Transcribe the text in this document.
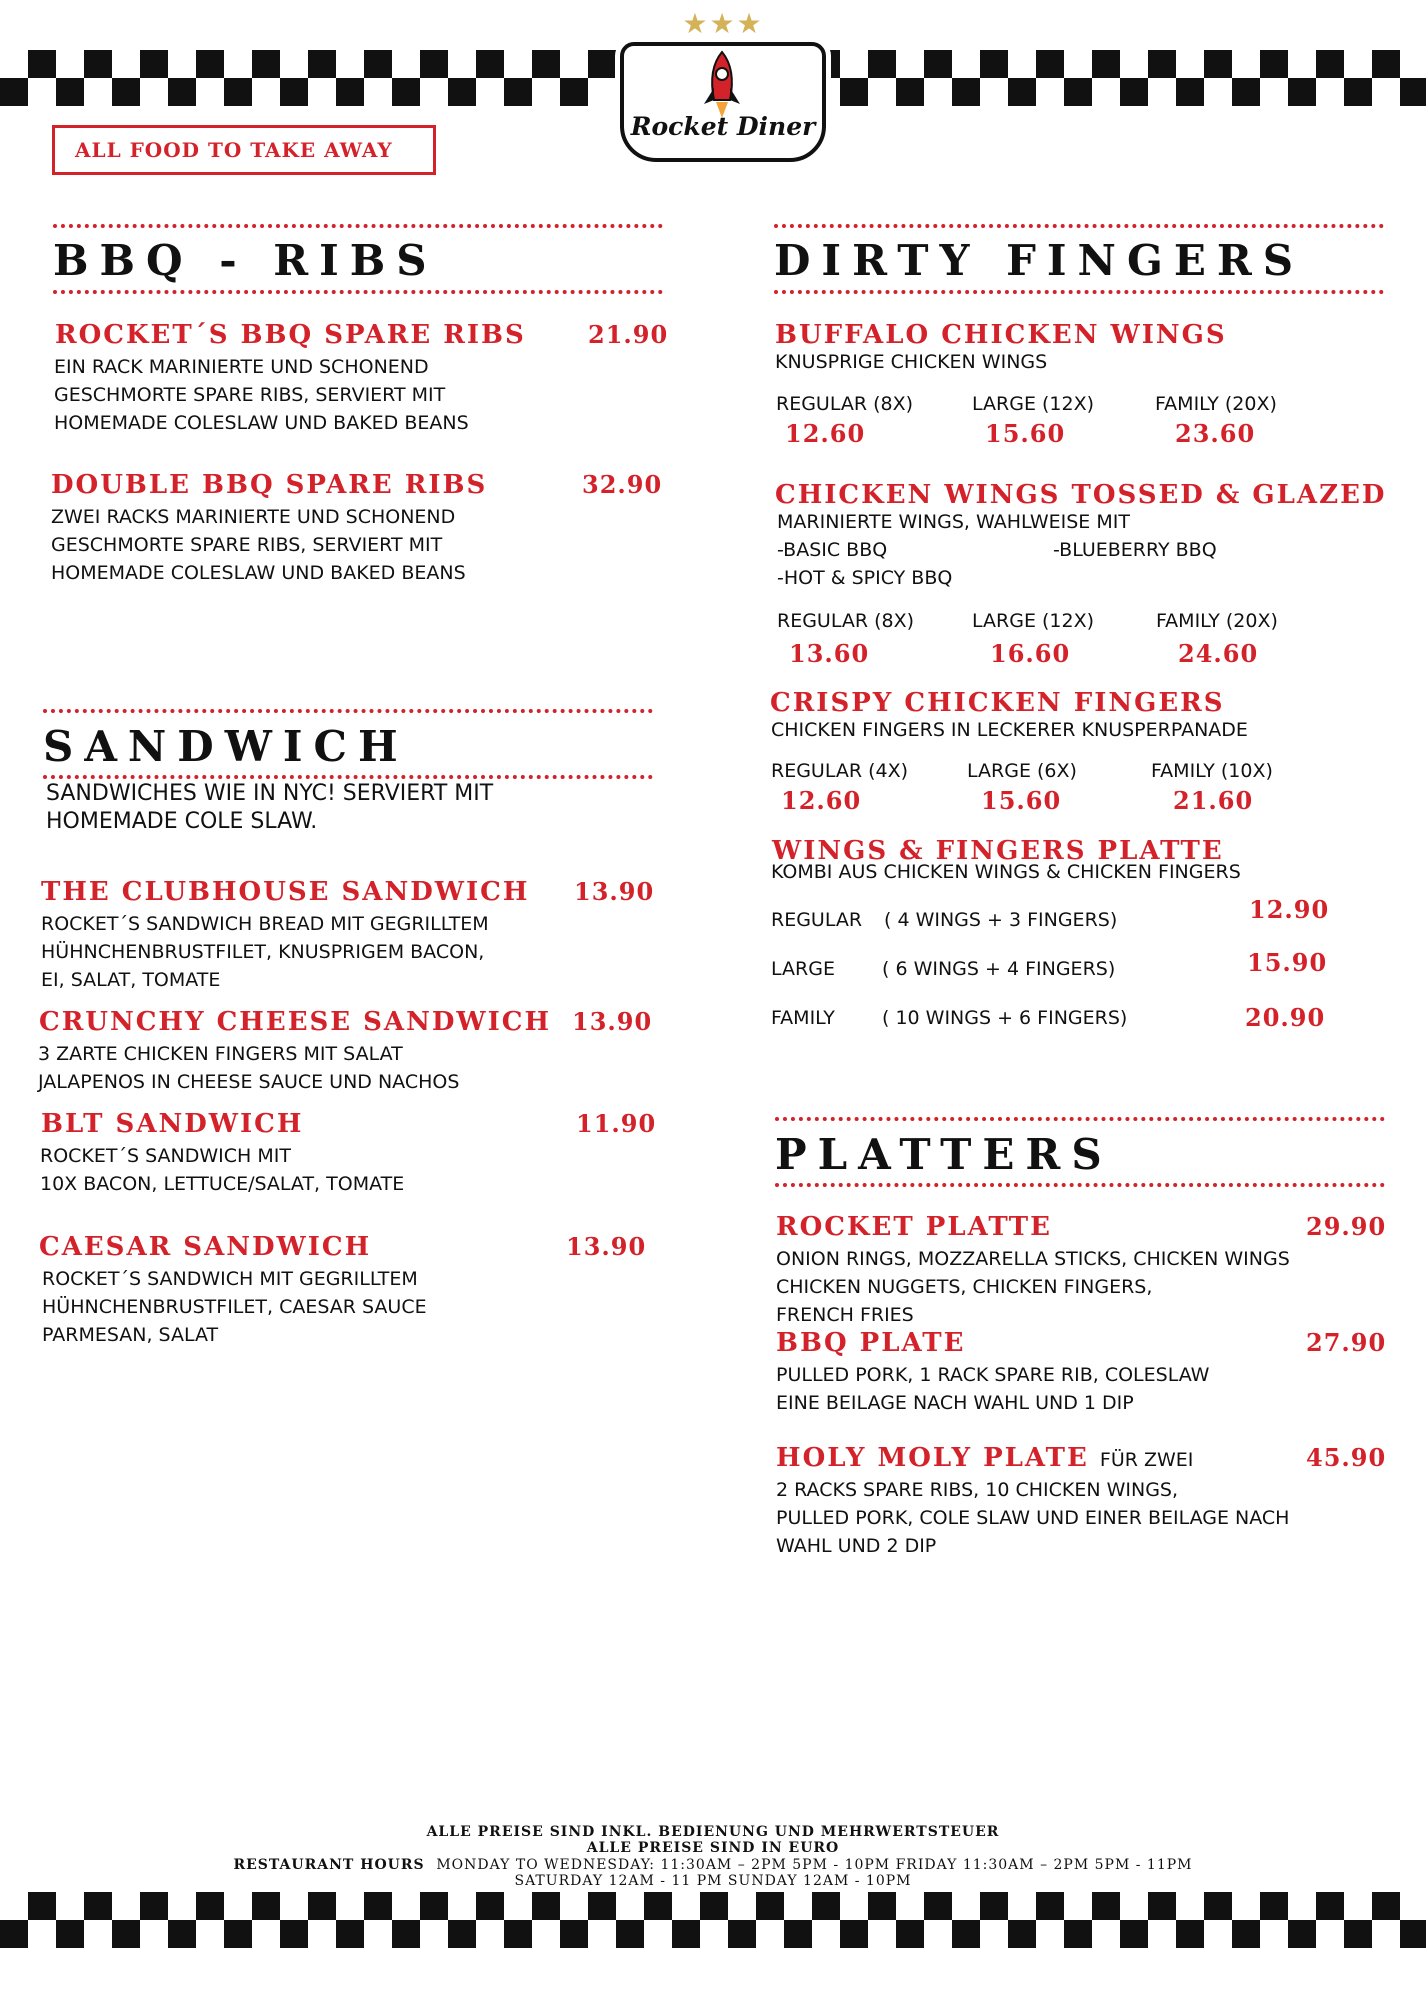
★★★
Rocket Diner
ALL FOOD TO TAKE AWAY
BBQ - RIBS
ROCKET´S BBQ SPARE RIBS	21.90
EIN RACK MARINIERTE UND SCHONEND
GESCHMORTE SPARE RIBS, SERVIERT MIT
HOMEMADE COLESLAW UND BAKED BEANS
DOUBLE BBQ SPARE RIBS	32.90
ZWEI RACKS MARINIERTE UND SCHONEND
GESCHMORTE SPARE RIBS, SERVIERT MIT
HOMEMADE COLESLAW UND BAKED BEANS
SANDWICH
SANDWICHES WIE IN NYC! SERVIERT MIT
HOMEMADE COLE SLAW.
THE CLUBHOUSE SANDWICH 13.90
ROCKET´S SANDWICH BREAD MIT GEGRILLTEM
HÜHNCHENBRUSTFILET, KNUSPRIGEM BACON,
EI, SALAT, TOMATE
CRUNCHY CHEESE SANDWICH 13.90
3 ZARTE CHICKEN FINGERS MIT SALAT
JALAPENOS IN CHEESE SAUCE UND NACHOS
BLT SANDWICH	11.90
ROCKET´S SANDWICH MIT
10X BACON, LETTUCE/SALAT, TOMATE
CAESAR SANDWICH	13.90
ROCKET´S SANDWICH MIT GEGRILLTEM
HÜHNCHENBRUSTFILET, CAESAR SAUCE
PARMESAN, SALAT
DIRTY FINGERS
BUFFALO CHICKEN WINGS
KNUSPRIGE CHICKEN WINGS
REGULAR (8X)	LARGE (12X)	FAMILY (20X)
12.60	15.60	23.60
CHICKEN WINGS TOSSED & GLAZED
MARINIERTE WINGS, WAHLWEISE MIT
-BASIC BBQ	-BLUEBERRY BBQ
-HOT & SPICY BBQ
REGULAR (8X)	LARGE (12X)	FAMILY (20X)
13.60	16.60	24.60
CRISPY CHICKEN FINGERS
CHICKEN FINGERS IN LECKERER KNUSPERPANADE
REGULAR (4X)	LARGE (6X)	FAMILY (10X)
12.60	15.60	21.60
WINGS & FINGERS PLATTE
KOMBI AUS CHICKEN WINGS & CHICKEN FINGERS
REGULAR ( 4 WINGS + 3 FINGERS)	12.90
LARGE ( 6 WINGS + 4 FINGERS)	15.90
FAMILY ( 10 WINGS + 6 FINGERS)	20.90
PLATTERS
ROCKET PLATTE	29.90
ONION RINGS, MOZZARELLA STICKS, CHICKEN WINGS
CHICKEN NUGGETS, CHICKEN FINGERS,
FRENCH FRIES
BBQ PLATE	27.90
PULLED PORK, 1 RACK SPARE RIB, COLESLAW
EINE BEILAGE NACH WAHL UND 1 DIP
HOLY MOLY PLATE FÜR ZWEI	45.90
2 RACKS SPARE RIBS, 10 CHICKEN WINGS,
PULLED PORK, COLE SLAW UND EINER BEILAGE NACH
WAHL UND 2 DIP
ALLE PREISE SIND INKL. BEDIENUNG UND MEHRWERTSTEUER
ALLE PREISE SIND IN EURO
RESTAURANT HOURS MONDAY TO WEDNESDAY: 11:30AM – 2PM 5PM - 10PM FRIDAY 11:30AM – 2PM 5PM - 11PM
SATURDAY 12AM - 11 PM SUNDAY 12AM - 10PM
